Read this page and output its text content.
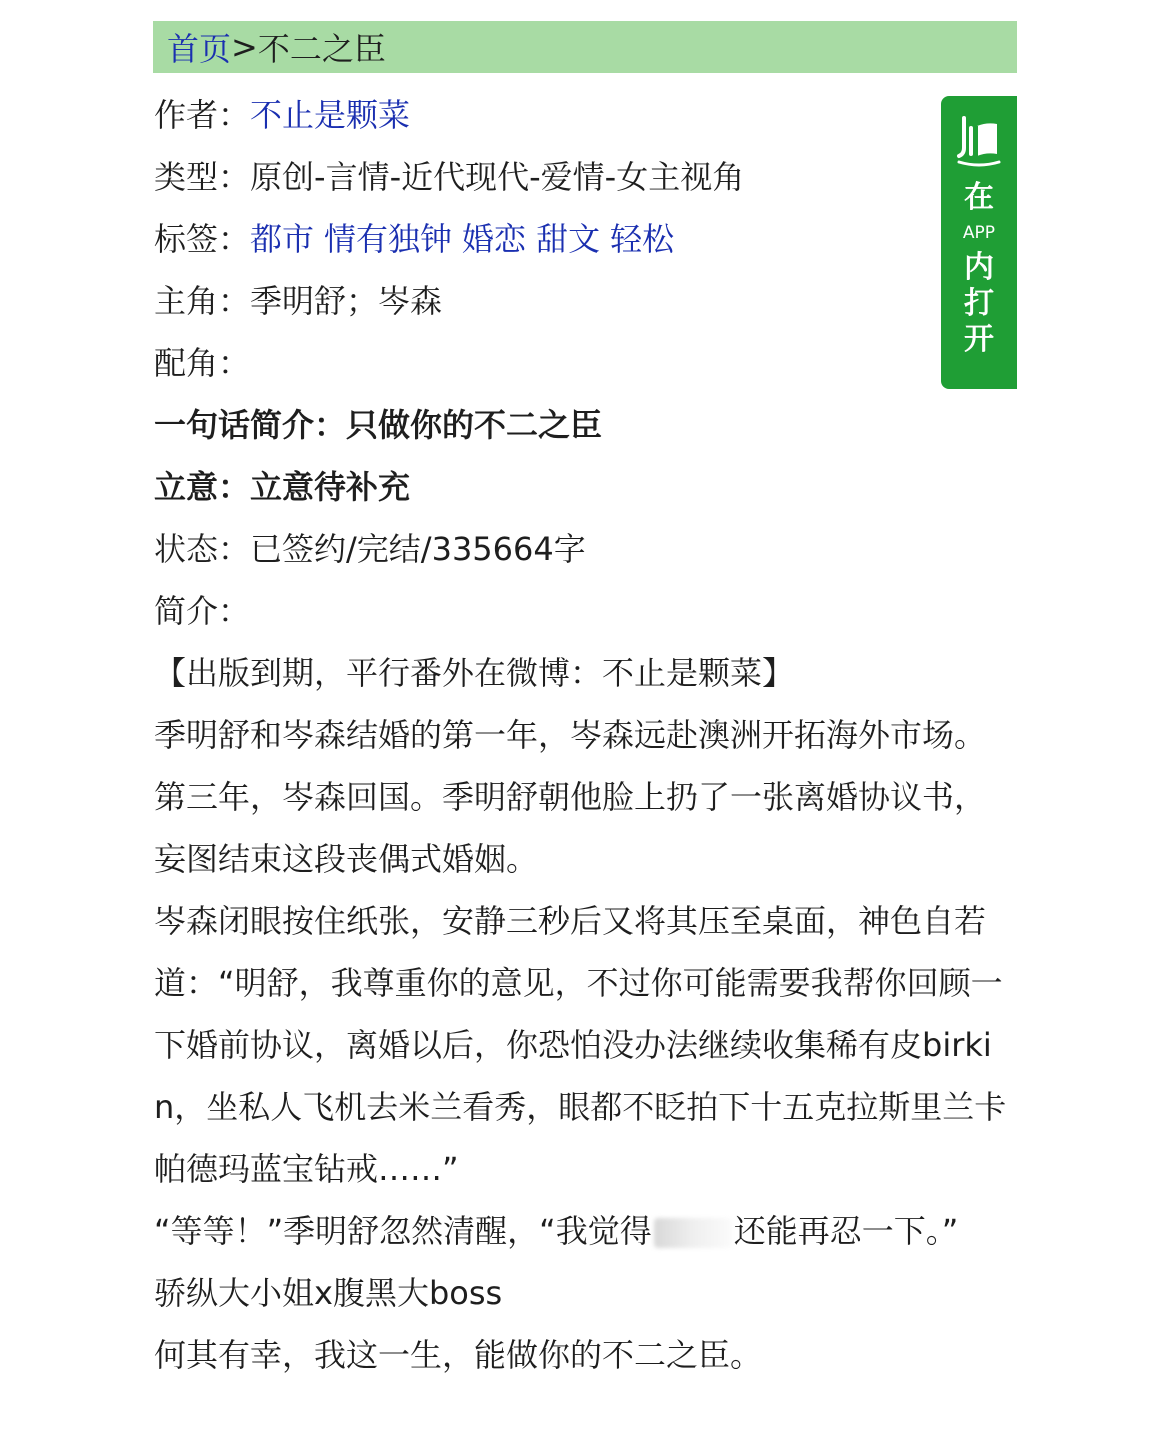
首页 > 不二之臣
在
APP
内
打
开
作者：不止是颗菜
类型：原创-言情-近代现代-爱情-女主视角
标签：都市 情有独钟 婚恋 甜文 轻松
主角：季明舒；岑森
配角：
一句话简介：只做你的不二之臣
立意：立意待补充
状态：已签约/完结/335664字
简介：

【出版到期，平行番外在微博：不止是颗菜】

季明舒和岑森结婚的第一年，岑森远赴澳洲开拓海外市场。

第三年，岑森回国。季明舒朝他脸上扔了一张离婚协议书，妄图结束这段丧偶式婚姻。

岑森闭眼按住纸张，安静三秒后又将其压至桌面，神色自若道：“明舒，我尊重你的意见，不过你可能需要我帮你回顾一下婚前协议，离婚以后，你恐怕没办法继续收集稀有皮birkin，坐私人飞机去米兰看秀，眼都不眨拍下十五克拉斯里兰卡帕德玛蓝宝钻戒……”

“等等！”季明舒忽然清醒，“我觉得	还能再忍一下。”

骄纵大小姐x腹黑大boss

何其有幸，我这一生，能做你的不二之臣。
